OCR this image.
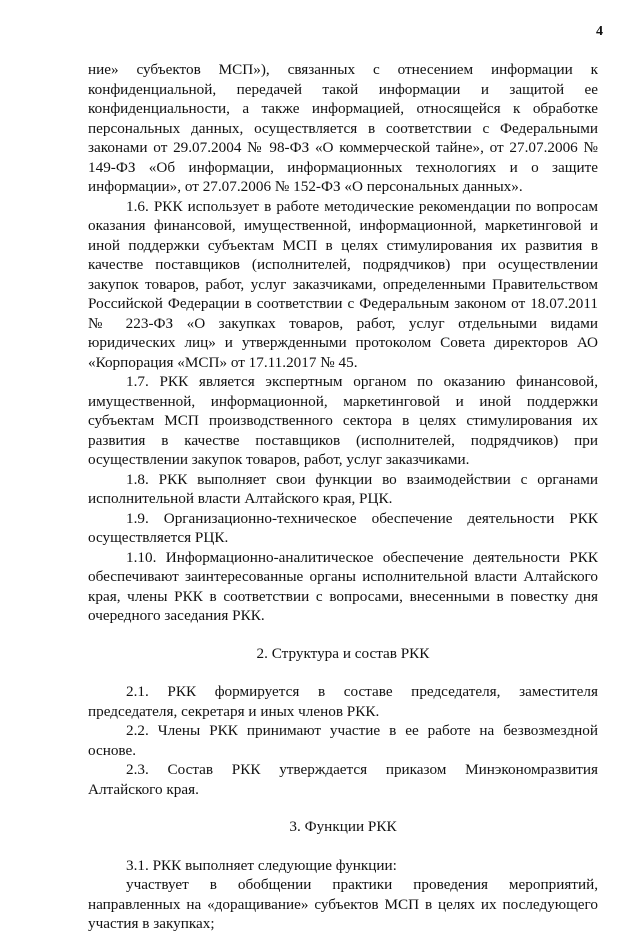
4

ние» субъектов МСП»), связанных с отнесением информации к конфиденциальной, передачей такой информации и защитой ее конфиденциальности, а также информацией, относящейся к обработке персональных данных, осуществляется в соответствии с Федеральными законами от 29.07.2004 № 98-ФЗ «О коммерческой тайне», от 27.07.2006 № 149-ФЗ «Об информации, информационных технологиях и о защите информации», от 27.07.2006 № 152-ФЗ «О персональных данных».

1.6. РКК использует в работе методические рекомендации по вопросам оказания финансовой, имущественной, информационной, маркетинговой и иной поддержки субъектам МСП в целях стимулирования их развития в качестве поставщиков (исполнителей, подрядчиков) при осуществлении закупок товаров, работ, услуг заказчиками, определенными Правительством Российской Федерации в соответствии с Федеральным законом от 18.07.2011 № 223-ФЗ «О закупках товаров, работ, услуг отдельными видами юридических лиц» и утвержденными протоколом Совета директоров АО «Корпорация «МСП» от 17.11.2017 № 45.

1.7. РКК является экспертным органом по оказанию финансовой, имущественной, информационной, маркетинговой и иной поддержки субъектам МСП производственного сектора в целях стимулирования их развития в качестве поставщиков (исполнителей, подрядчиков) при осуществлении закупок товаров, работ, услуг заказчиками.

1.8. РКК выполняет свои функции во взаимодействии с органами исполнительной власти Алтайского края, РЦК.

1.9. Организационно-техническое обеспечение деятельности РКК осуществляется РЦК.

1.10. Информационно-аналитическое обеспечение деятельности РКК обеспечивают заинтересованные органы исполнительной власти Алтайского края, члены РКК в соответствии с вопросами, внесенными в повестку дня очередного заседания РКК.

2. Структура и состав РКК

2.1. РКК формируется в составе председателя, заместителя председателя, секретаря и иных членов РКК.

2.2. Члены РКК принимают участие в ее работе на безвозмездной основе.

2.3. Состав РКК утверждается приказом Минэкономразвития Алтайского края.

3. Функции РКК

3.1. РКК выполняет следующие функции:

участвует в обобщении практики проведения мероприятий, направленных на «доращивание» субъектов МСП в целях их последующего участия в закупках;
